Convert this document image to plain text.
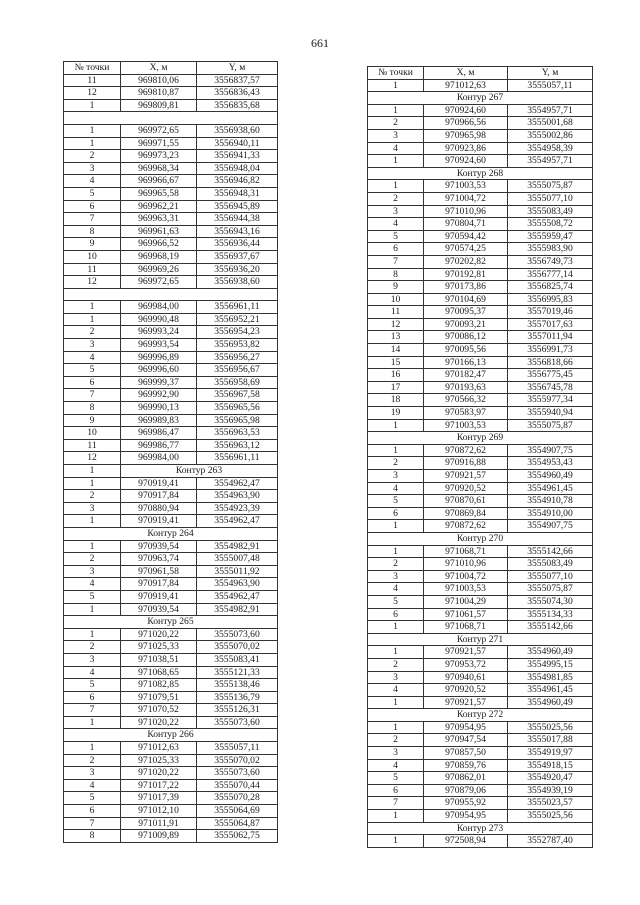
661
№ точки	X, м	Y, м
11	969810,06	3556837,57
12	969810,87	3556836,43
1	969809,81	3556835,68

1	969972,65	3556938,60
1	969971,55	3556940,11
2	969973,23	3556941,33
3	969968,34	3556948,04
4	969966,67	3556946,82
5	969965,58	3556948,31
6	969962,21	3556945,89
7	969963,31	3556944,38
8	969961,63	3556943,16
9	969966,52	3556936,44
10	969968,19	3556937,67
11	969969,26	3556936,20
12	969972,65	3556938,60

1	969984,00	3556961,11
1	969990,48	3556952,21
2	969993,24	3556954,23
3	969993,54	3556953,82
4	969996,89	3556956,27
5	969996,60	3556956,67
6	969999,37	3556958,69
7	969992,90	3556967,58
8	969990,13	3556965,56
9	969989,83	3556965,98
10	969986,47	3556963,53
11	969986,77	3556963,12
12	969984,00	3556961,11
1	Контур 263	
1	970919,41	3554962,47
2	970917,84	3554963,90
3	970880,94	3554923,39
1	970919,41	3554962,47
Контур 264		
1	970939,54	3554982,91
2	970963,74	3555007,48
3	970961,58	3555011,92
4	970917,84	3554963,90
5	970919,41	3554962,47
1	970939,54	3554982,91
Контур 265		
1	971020,22	3555073,60
2	971025,33	3555070,02
3	971038,51	3555083,41
4	971068,65	3555121,33
5	971082,85	3555138,46
6	971079,51	3555136,79
7	971070,52	3555126,31
1	971020,22	3555073,60
Контур 266		
1	971012,63	3555057,11
2	971025,33	3555070,02
3	971020,22	3555073,60
4	971017,22	3555070,44
5	971017,39	3555070,28
6	971012,10	3555064,69
7	971011,91	3555064,87
8	971009,89	3555062,75
№ точки	X, м	Y, м
1	971012,63	3555057,11
Контур 267		
1	970924,60	3554957,71
2	970966,56	3555001,68
3	970965,98	3555002,86
4	970923,86	3554958,39
1	970924,60	3554957,71
Контур 268		
1	971003,53	3555075,87
2	971004,72	3555077,10
3	971010,96	3555083,49
4	970804,71	3555508,72
5	970594,42	3555959,47
6	970574,25	3555983,90
7	970202,82	3556749,73
8	970192,81	3556777,14
9	970173,86	3556825,74
10	970104,69	3556995,83
11	970095,37	3557019,46
12	970093,21	3557017,63
13	970086,12	3557011,94
14	970095,56	3556991,73
15	970166,13	3556818,66
16	970182,47	3556775,45
17	970193,63	3556745,78
18	970566,32	3555977,34
19	970583,97	3555940,94
1	971003,53	3555075,87
Контур 269		
1	970872,62	3554907,75
2	970916,88	3554953,43
3	970921,57	3554960,49
4	970920,52	3554961,45
5	970870,61	3554910,78
6	970869,84	3554910,00
1	970872,62	3554907,75
Контур 270		
1	971068,71	3555142,66
2	971010,96	3555083,49
3	971004,72	3555077,10
4	971003,53	3555075,87
5	971004,29	3555074,30
6	971061,57	3555134,33
1	971068,71	3555142,66
Контур 271		
1	970921,57	3554960,49
2	970953,72	3554995,15
3	970940,61	3554981,85
4	970920,52	3554961,45
1	970921,57	3554960,49
Контур 272		
1	970954,95	3555025,56
2	970947,54	3555017,88
3	970857,50	3554919,97
4	970859,76	3554918,15
5	970862,01	3554920,47
6	970879,06	3554939,19
7	970955,92	3555023,57
1	970954,95	3555025,56
Контур 273		
1	972508,94	3552787,40
